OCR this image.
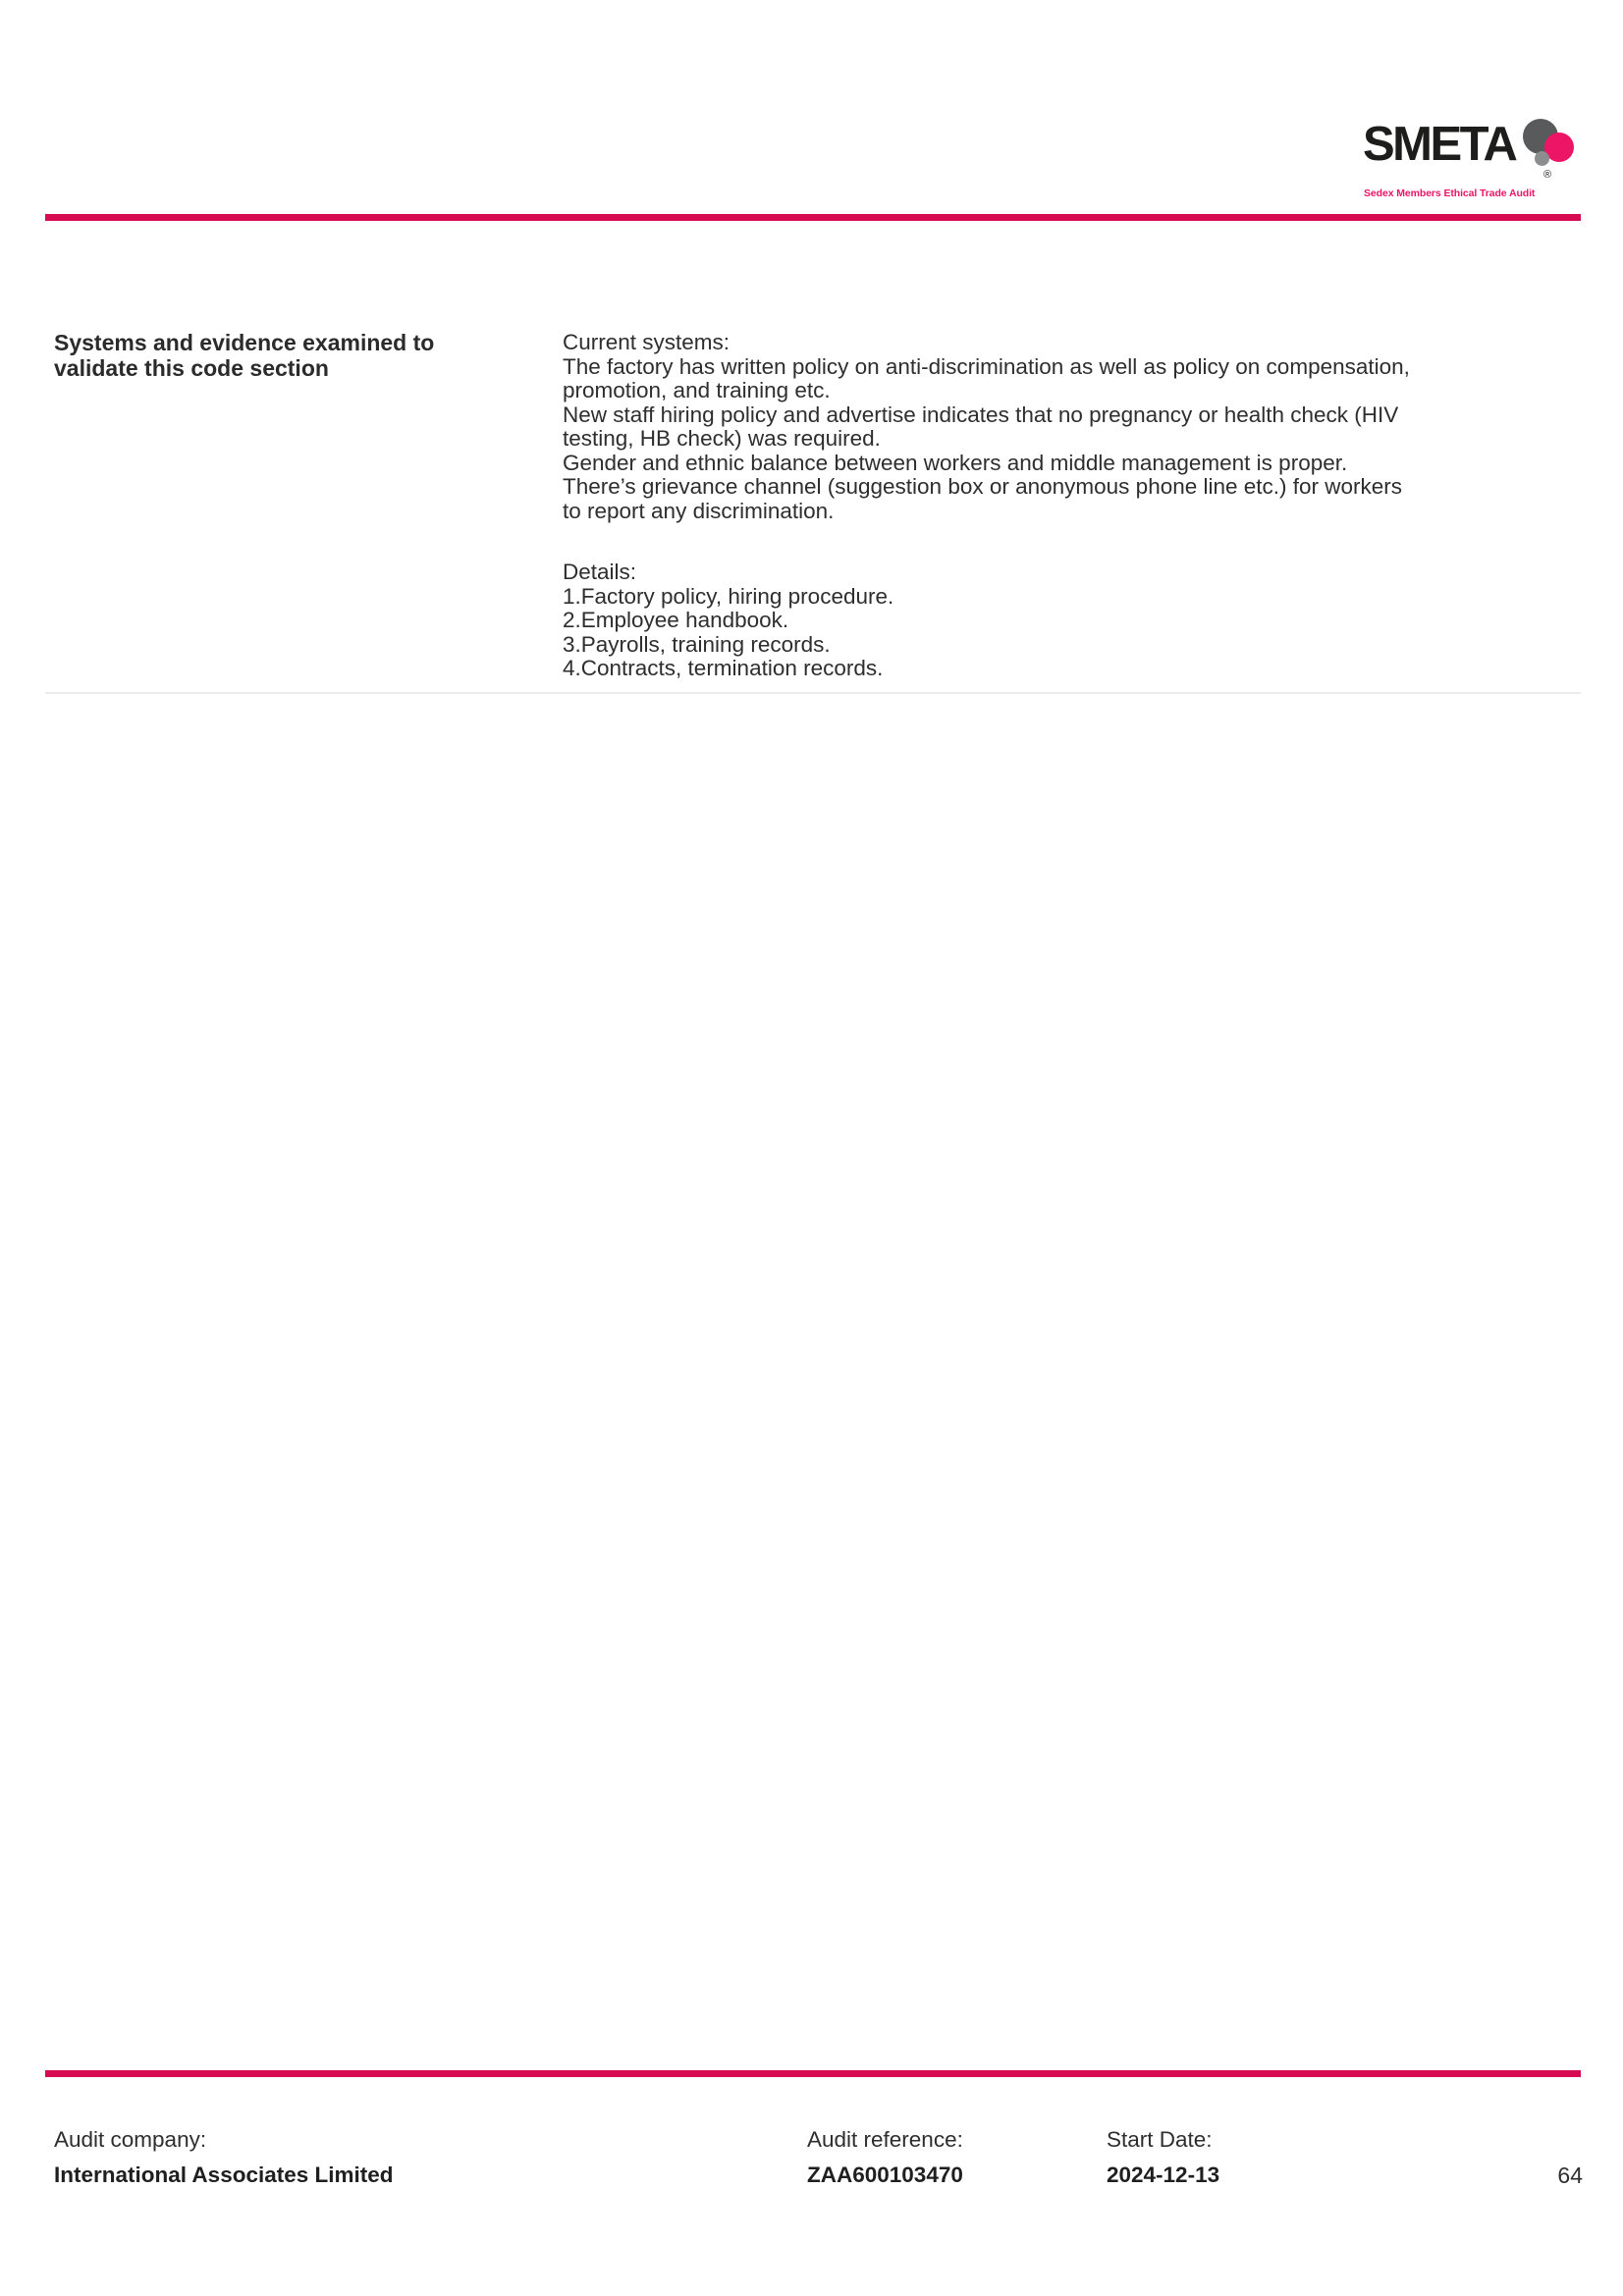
SMETA
®
Sedex Members Ethical Trade Audit
Systems and evidence examined to
validate this code section
Current systems:
The factory has written policy on anti-discrimination as well as policy on compensation,
promotion, and training etc.
New staff hiring policy and advertise indicates that no pregnancy or health check (HIV
testing, HB check) was required.
Gender and ethnic balance between workers and middle management is proper.
There’s grievance channel (suggestion box or anonymous phone line etc.) for workers
to report any discrimination.
Details:
1.Factory policy, hiring procedure.
2.Employee handbook.
3.Payrolls, training records.
4.Contracts, termination records.
Audit company:
International Associates Limited
Audit reference:
ZAA600103470
Start Date:
2024-12-13	64
